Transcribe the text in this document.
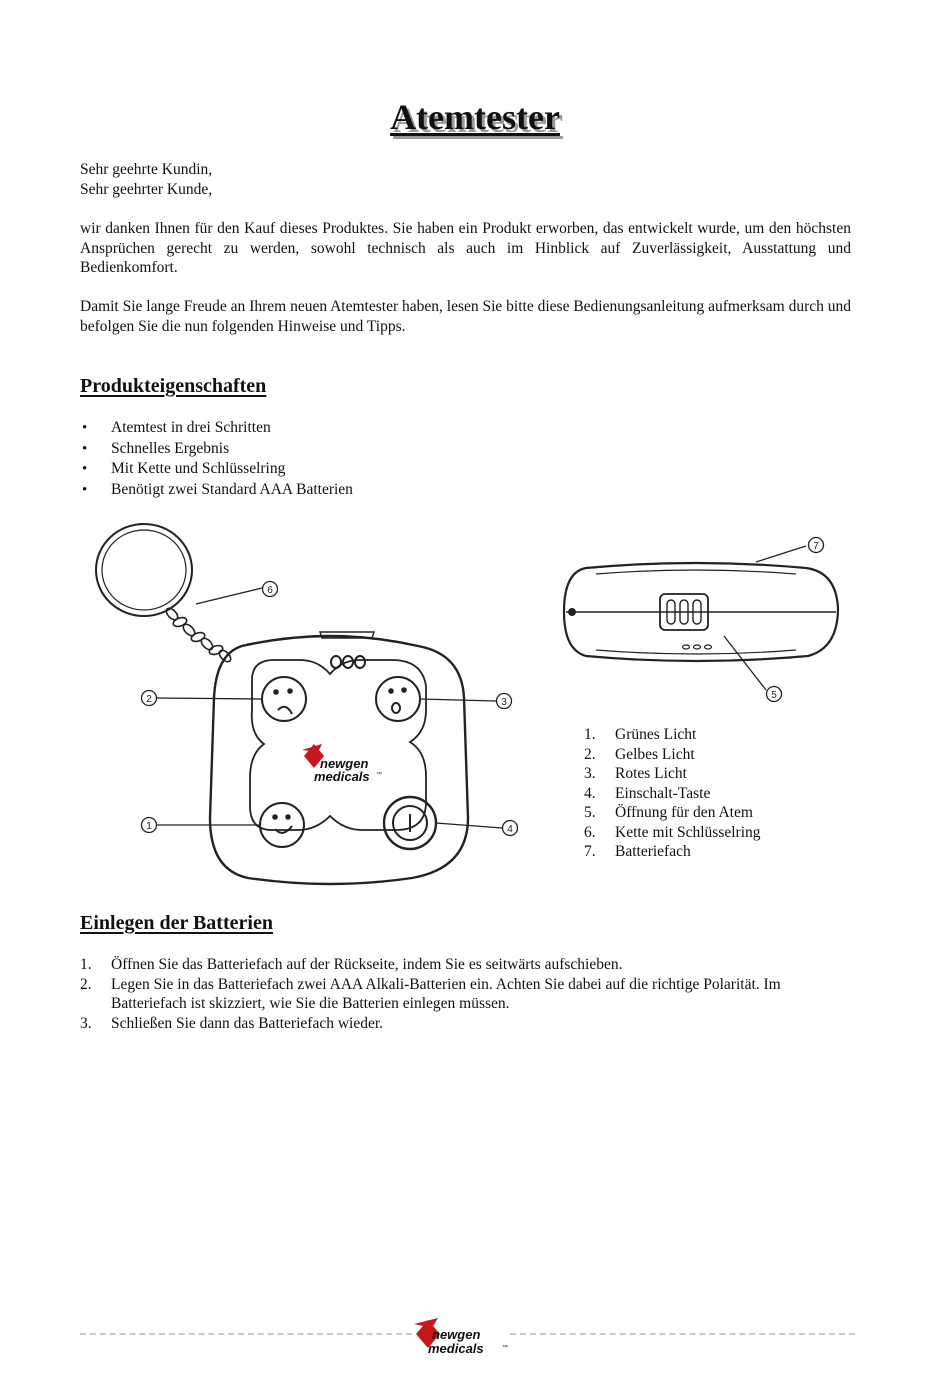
Atemtester
Sehr geehrte Kundin,
Sehr geehrter Kunde,
wir danken Ihnen für den Kauf dieses Produktes. Sie haben ein Produkt erworben, das entwickelt wurde, um den höchsten Ansprüchen gerecht zu werden, sowohl technisch als auch im Hinblick auf Zuverlässigkeit, Ausstattung und Bedienkomfort.
Damit Sie lange Freude an Ihrem neuen Atemtester haben, lesen Sie bitte diese Bedienungsanleitung aufmerksam durch und befolgen Sie die nun folgenden Hinweise und Tipps.
Produkteigenschaften
• Atemtest in drei Schritten
• Schnelles Ergebnis
• Mit Kette und Schlüsselring
• Benötigt zwei Standard AAA Batterien
6
2	3
1	4
newgen
medicals ™
7
5
1. Grünes Licht
2. Gelbes Licht
3. Rotes Licht
4. Einschalt-Taste
5. Öffnung für den Atem
6. Kette mit Schlüsselring
7. Batteriefach
Einlegen der Batterien
1. Öffnen Sie das Batteriefach auf der Rückseite, indem Sie es seitwärts aufschieben.
2. Legen Sie in das Batteriefach zwei AAA Alkali-Batterien ein. Achten Sie dabei auf die richtige Polarität. Im Batteriefach ist skizziert, wie Sie die Batterien einlegen müssen.
3. Schließen Sie dann das Batteriefach wieder.
newgen
medicals	™
